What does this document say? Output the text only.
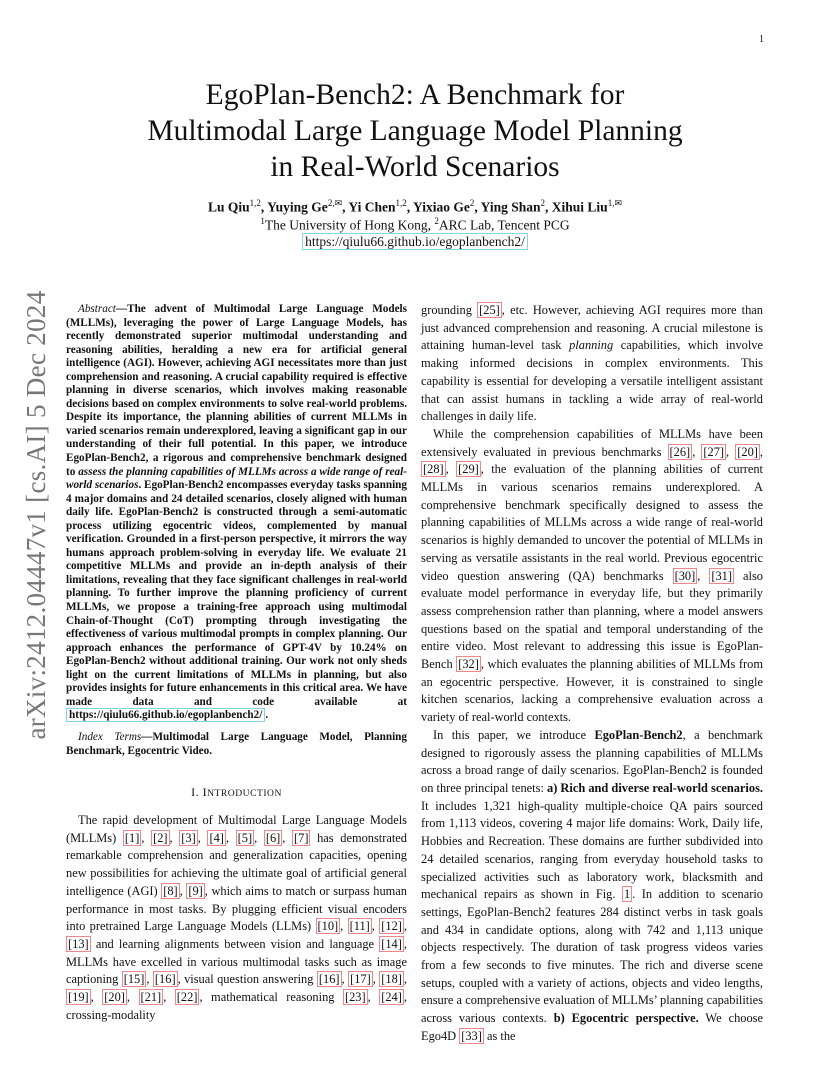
1
arXiv:2412.04447v1 [cs.AI] 5 Dec 2024
EgoPlan-Bench2: A Benchmark for
Multimodal Large Language Model Planning
in Real-World Scenarios
Lu Qiu$^{1,2}$, Yuying $Ge^{2,✉}$, Yi Chen$^{1,2}$, Yixiao Ge$^2$, Ying Shan$^2$, Xihui Liu$^{1,✉}$
$^1$The University of Hong Kong, $^2$ARC Lab, Tencent PCG
https://qiulu66.github.io/egoplanbench2/

Abstract—The advent of Multimodal Large Language Models (MLLMs), leveraging the power of Large Language Models, has recently demonstrated superior multimodal understanding and reasoning abilities, heralding a new era for artificial general intelligence (AGI). However, achieving AGI necessitates more than just comprehension and reasoning. A crucial capability required is effective planning in diverse scenarios, which involves making reasonable decisions based on complex environments to solve real-world problems. Despite its importance, the planning abilities of current MLLMs in varied scenarios remain underexplored, leaving a significant gap in our understanding of their full potential. In this paper, we introduce EgoPlan-Bench2, a rigorous and comprehensive benchmark designed to assess the planning capabilities of MLLMs across a wide range of real-world scenarios. EgoPlan-Bench2 encompasses everyday tasks spanning 4 major domains and 24 detailed scenarios, closely aligned with human daily life. EgoPlan-Bench2 is constructed through a semi-automatic process utilizing egocentric videos, complemented by manual verification. Grounded in a first-person perspective, it mirrors the way humans approach problem-solving in everyday life. We evaluate 21 competitive MLLMs and provide an in-depth analysis of their limitations, revealing that they face significant challenges in real-world planning. To further improve the planning proficiency of current MLLMs, we propose a training-free approach using multimodal Chain-of-Thought (CoT) prompting through investigating the effectiveness of various multimodal prompts in complex planning. Our approach enhances the performance of GPT-4V by 10.24% on EgoPlan-Bench2 without additional training. Our work not only sheds light on the current limitations of MLLMs in planning, but also provides insights for future enhancements in this critical area. We have made data and code available at https://qiulu66.github.io/egoplanbench2/ .

Index Terms—Multimodal Large Language Model, Planning Benchmark, Egocentric Video.

I. INTRODUCTION

The rapid development of Multimodal Large Language Models (MLLMs) [1] , [2] , [3] , [4] , [5] , [6] , [7] has demonstrated remarkable comprehension and generalization capacities, opening new possibilities for achieving the ultimate goal of artificial general intelligence (AGI) [8] , [9] , which aims to match or surpass human performance in most tasks. By plugging efficient visual encoders into pretrained Large Language Models (LLMs) [10] , [11] , [12] , [13] and learning alignments between vision and language [14] , MLLMs have excelled in various multimodal tasks such as image captioning [15] , [16] , visual question answering [16] , [17] , [18] , [19] , [20] , [21] , [22] , mathematical reasoning [23] , [24] , crossing-modality

grounding [25] , etc. However, achieving AGI requires more than just advanced comprehension and reasoning. A crucial milestone is attaining human-level task planning capabilities, which involve making informed decisions in complex environments. This capability is essential for developing a versatile intelligent assistant that can assist humans in tackling a wide array of real-world challenges in daily life.

While the comprehension capabilities of MLLMs have been extensively evaluated in previous benchmarks [26] , [27] , [20] , [28] , [29] , the evaluation of the planning abilities of current MLLMs in various scenarios remains underexplored. A comprehensive benchmark specifically designed to assess the planning capabilities of MLLMs across a wide range of real-world scenarios is highly demanded to uncover the potential of MLLMs in serving as versatile assistants in the real world. Previous egocentric video question answering (QA) benchmarks [30] , [31] also evaluate model performance in everyday life, but they primarily assess comprehension rather than planning, where a model answers questions based on the spatial and temporal understanding of the entire video. Most relevant to addressing this issue is EgoPlan-Bench [32] , which evaluates the planning abilities of MLLMs from an egocentric perspective. However, it is constrained to single kitchen scenarios, lacking a comprehensive evaluation across a variety of real-world contexts.

In this paper, we introduce EgoPlan-Bench2, a benchmark designed to rigorously assess the planning capabilities of MLLMs across a broad range of daily scenarios. EgoPlan-Bench2 is founded on three principal tenets: a) Rich and diverse real-world scenarios. It includes 1,321 high-quality multiple-choice QA pairs sourced from 1,113 videos, covering 4 major life domains: Work, Daily life, Hobbies and Recreation. These domains are further subdivided into 24 detailed scenarios, ranging from everyday household tasks to specialized activities such as laboratory work, blacksmith and mechanical repairs as shown in Fig. 1 . In addition to scenario settings, EgoPlan-Bench2 features 284 distinct verbs in task goals and 434 in candidate options, along with 742 and 1,113 unique objects respectively. The duration of task progress videos varies from a few seconds to five minutes. The rich and diverse scene setups, coupled with a variety of actions, objects and video lengths, ensure a comprehensive evaluation of MLLMs’ planning capabilities across various contexts. b) Egocentric perspective. We choose Ego4D [33] as the
